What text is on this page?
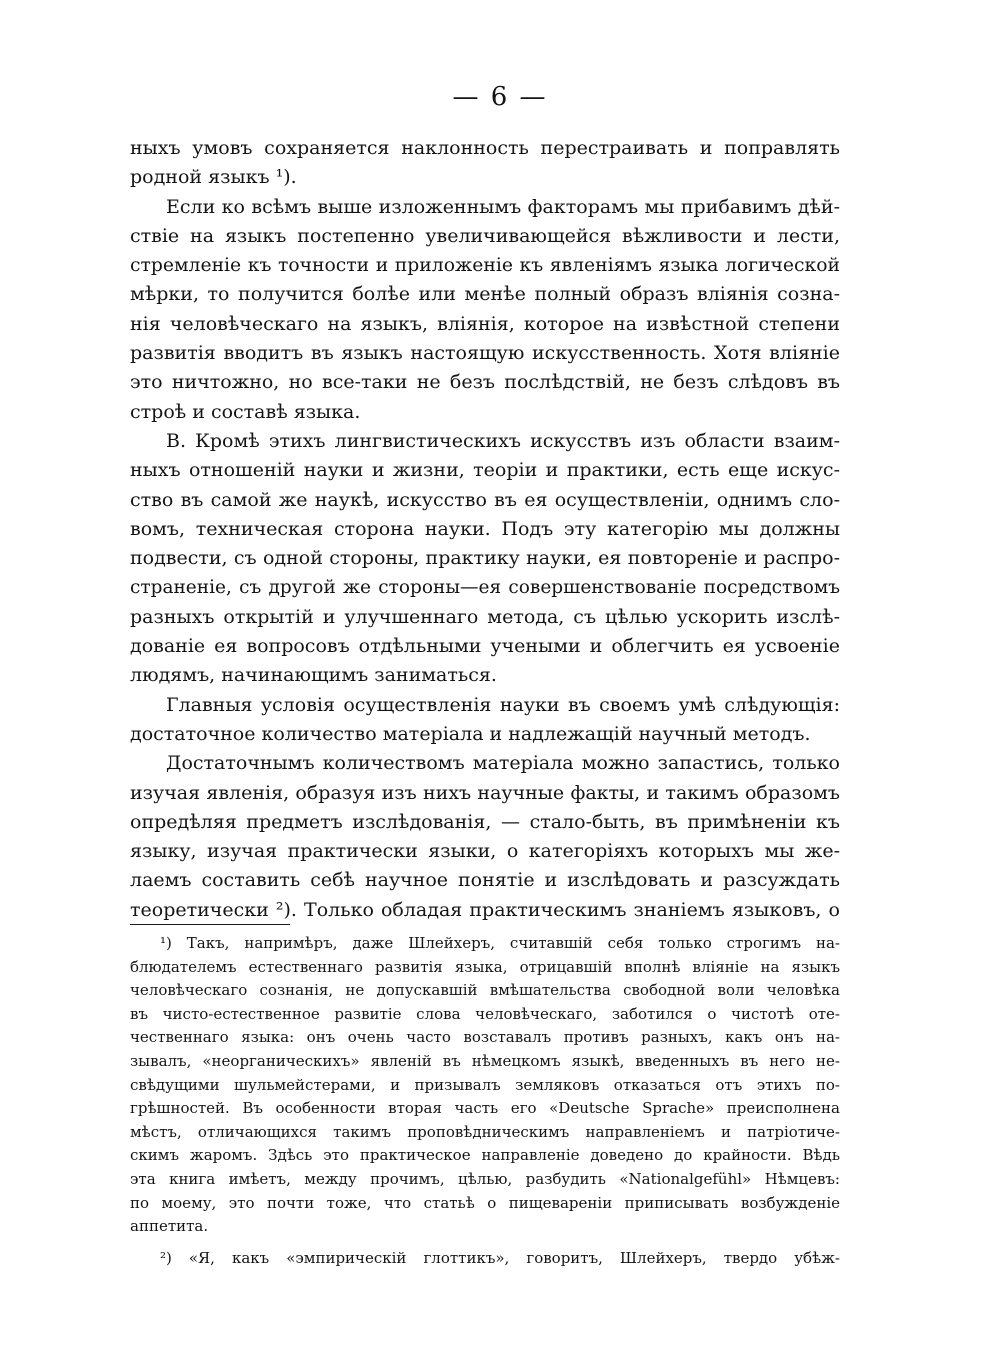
— 6 —
ныхъ умовъ сохраняется наклонность перестраивать и поправлять
родной языкъ ¹).
Если ко всѣмъ выше изложеннымъ факторамъ мы прибавимъ дѣй-
ствіе на языкъ постепенно увеличивающейся вѣжливости и лести,
стремленіе къ точности и приложеніе къ явленіямъ языка логической
мѣрки, то получится болѣе или менѣе полный образъ вліянія созна-
нія человѣческаго на языкъ, вліянія, которое на извѣстной степени
развитія вводитъ въ языкъ настоящую искусственность. Хотя вліяніе
это ничтожно, но все-таки не безъ послѣдствій, не безъ слѣдовъ въ
строѣ и составѣ языка.
B. Кромѣ этихъ лингвистическихъ искусствъ изъ области взаим-
ныхъ отношеній науки и жизни, теоріи и практики, есть еще искус-
ство въ самой же наукѣ, искусство въ ея осуществленіи, однимъ сло-
вомъ, техническая сторона науки. Подъ эту категорію мы должны
подвести, съ одной стороны, практику науки, ея повтореніе и распро-
страненіе, съ другой же стороны—ея совершенствованіе посредствомъ
разныхъ открытій и улучшеннаго метода, съ цѣлью ускорить изслѣ-
дованіе ея вопросовъ отдѣльными учеными и облегчить ея усвоеніе
людямъ, начинающимъ заниматься.
Главныя условія осуществленія науки въ своемъ умѣ слѣдующія:
достаточное количество матеріала и надлежащій научный методъ.
Достаточнымъ количествомъ матеріала можно запастись, только
изучая явленія, образуя изъ нихъ научные факты, и такимъ образомъ
опредѣляя предметъ изслѣдованія, — стало-быть, въ примѣненіи къ
языку, изучая практически языки, о категоріяхъ которыхъ мы же-
лаемъ составить себѣ научное понятіе и изслѣдовать и разсуждать
теоретически ²). Только обладая практическимъ знаніемъ языковъ, о
¹) Такъ, напримѣръ, даже Шлейхеръ, считавшій себя только строгимъ на-
блюдателемъ естественнаго развитія языка, отрицавшій вполнѣ вліяніе на языкъ
человѣческаго сознанія, не допускавшій вмѣшательства свободной воли человѣка
въ чисто-естественное развитіе слова человѣческаго, заботился о чистотѣ оте-
чественнаго языка: онъ очень часто возставалъ противъ разныхъ, какъ онъ на-
зывалъ, «неорганическихъ» явленій въ нѣмецкомъ языкѣ, введенныхъ въ него не-
свѣдущими шульмейстерами, и призывалъ земляковъ отказаться отъ этихъ по-
грѣшностей. Въ особенности вторая часть его «Deutsche Sprache» преисполнена
мѣстъ, отличающихся такимъ проповѣдническимъ направленіемъ и патріотиче-
скимъ жаромъ. Здѣсь это практическое направленіе доведено до крайности. Вѣдь
эта книга имѣетъ, между прочимъ, цѣлью, разбудить «Nationalgefühl» Нѣмцевъ:
по моему, это почти тоже, что статьѣ о пищевареніи приписывать возбужденіе
аппетита.
²) «Я, какъ «эмпирическій глоттикъ», говоритъ, Шлейхеръ, твердо убѣж-
